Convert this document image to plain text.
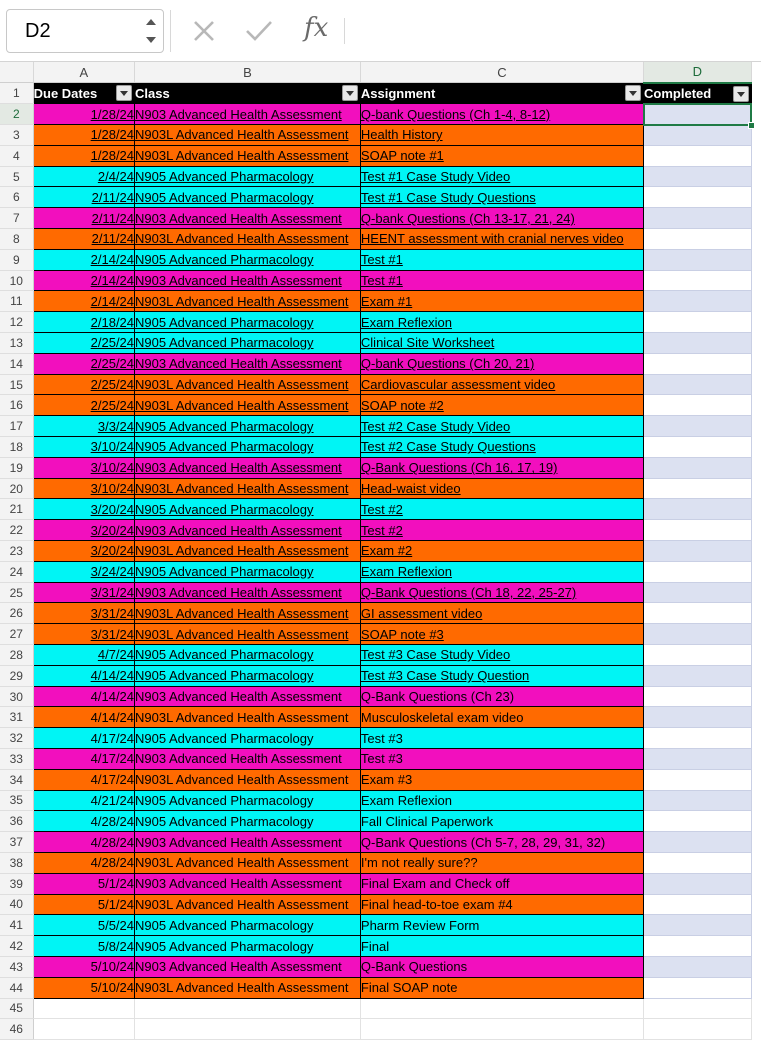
D2	fx
	A	B	C	D
1	Due Dates	Class	Assignment	Completed

2	1/28/24	N903 Advanced Health Assessment	Q-bank Questions (Ch 1-4, 8-12)	

3	1/28/24	N903L Advanced Health Assessment	Health History	
4	1/28/24	N903L Advanced Health Assessment	SOAP note #1	
5	2/4/24	N905 Advanced Pharmacology	Test #1 Case Study Video	
6	2/11/24	N905 Advanced Pharmacology	Test #1 Case Study Questions	
7	2/11/24	N903 Advanced Health Assessment	Q-bank Questions (Ch 13-17, 21, 24)	
8	2/11/24	N903L Advanced Health Assessment	HEENT assessment with cranial nerves video	
9	2/14/24	N905 Advanced Pharmacology	Test #1	
10	2/14/24	N903 Advanced Health Assessment	Test #1	
11	2/14/24	N903L Advanced Health Assessment	Exam #1	
12	2/18/24	N905 Advanced Pharmacology	Exam Reflexion	
13	2/25/24	N905 Advanced Pharmacology	Clinical Site Worksheet	
14	2/25/24	N903 Advanced Health Assessment	Q-bank Questions (Ch 20, 21)	
15	2/25/24	N903L Advanced Health Assessment	Cardiovascular assessment video	
16	2/25/24	N903L Advanced Health Assessment	SOAP note #2	
17	3/3/24	N905 Advanced Pharmacology	Test #2 Case Study Video	
18	3/10/24	N905 Advanced Pharmacology	Test #2 Case Study Questions	
19	3/10/24	N903 Advanced Health Assessment	Q-Bank Questions (Ch 16, 17, 19)	
20	3/10/24	N903L Advanced Health Assessment	Head-waist video	
21	3/20/24	N905 Advanced Pharmacology	Test #2	
22	3/20/24	N903 Advanced Health Assessment	Test #2	
23	3/20/24	N903L Advanced Health Assessment	Exam #2	
24	3/24/24	N905 Advanced Pharmacology	Exam Reflexion	
25	3/31/24	N903 Advanced Health Assessment	Q-Bank Questions (Ch 18, 22, 25-27)	
26	3/31/24	N903L Advanced Health Assessment	GI assessment video	
27	3/31/24	N903L Advanced Health Assessment	SOAP note #3	
28	4/7/24	N905 Advanced Pharmacology	Test #3 Case Study Video	
29	4/14/24	N905 Advanced Pharmacology	Test #3 Case Study Question	
30	4/14/24	N903 Advanced Health Assessment	Q-Bank Questions (Ch 23)	
31	4/14/24	N903L Advanced Health Assessment	Musculoskeletal exam video	
32	4/17/24	N905 Advanced Pharmacology	Test #3	
33	4/17/24	N903 Advanced Health Assessment	Test #3	
34	4/17/24	N903L Advanced Health Assessment	Exam #3	
35	4/21/24	N905 Advanced Pharmacology	Exam Reflexion	
36	4/28/24	N905 Advanced Pharmacology	Fall Clinical Paperwork	
37	4/28/24	N903 Advanced Health Assessment	Q-Bank Questions (Ch 5-7, 28, 29, 31, 32)	
38	4/28/24	N903L Advanced Health Assessment	I'm not really sure??	
39	5/1/24	N903 Advanced Health Assessment	Final Exam and Check off	
40	5/1/24	N903L Advanced Health Assessment	Final head-to-toe exam #4	
41	5/5/24	N905 Advanced Pharmacology	Pharm Review Form	
42	5/8/24	N905 Advanced Pharmacology	Final	
43	5/10/24	N903 Advanced Health Assessment	Q-Bank Questions	
44	5/10/24	N903L Advanced Health Assessment	Final SOAP note	
45				
46				
